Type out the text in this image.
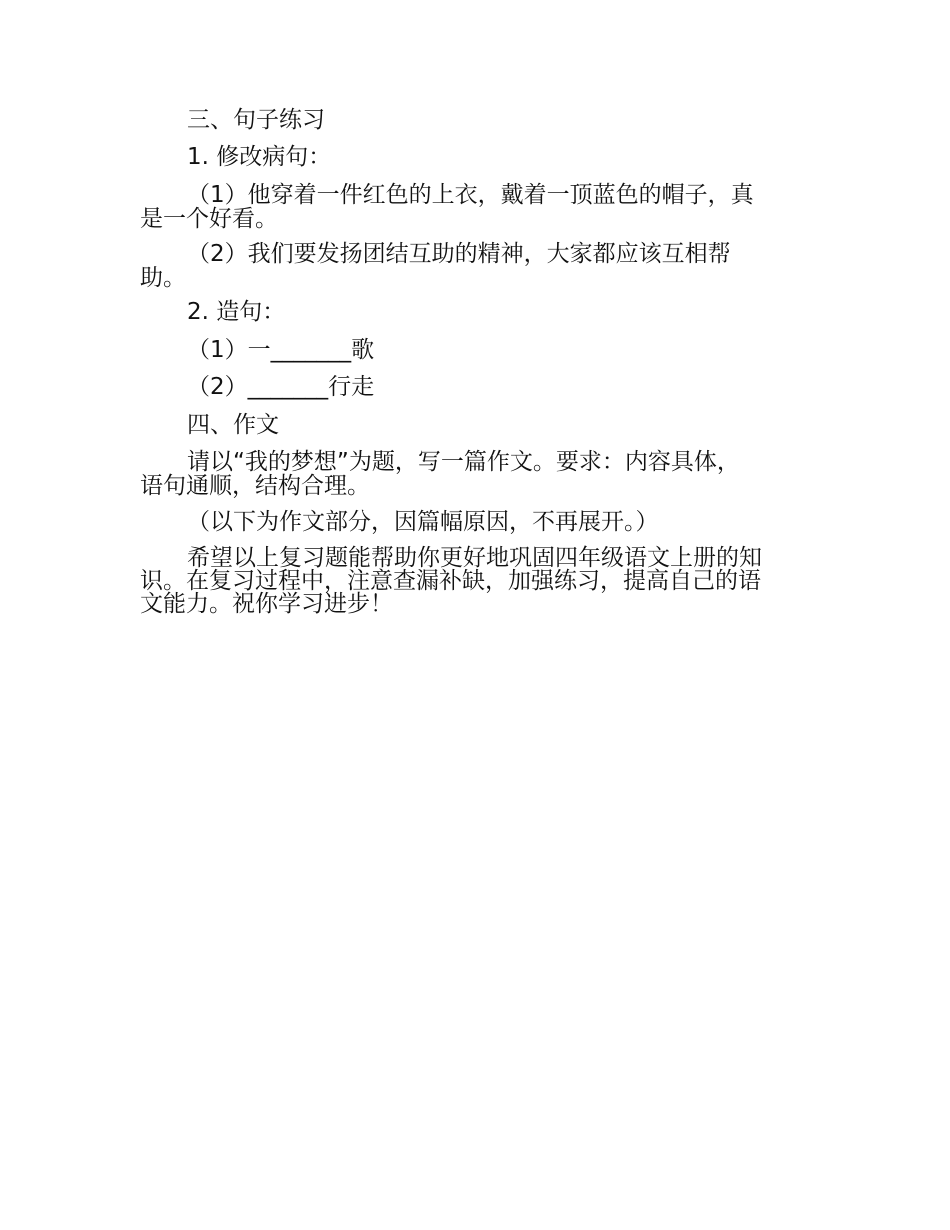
三、句子练习
1. 修改病句：
（1）他穿着一件红色的上衣，戴着一顶蓝色的帽子，真
是一个好看。
（2）我们要发扬团结互助的精神，大家都应该互相帮
助。
2. 造句：
（1）一_______歌
（2）_______行走
四、作文
请以“我的梦想”为题，写一篇作文。要求：内容具体，
语句通顺，结构合理。
（以下为作文部分，因篇幅原因，不再展开。）
希望以上复习题能帮助你更好地巩固四年级语文上册的知
识。在复习过程中，注意查漏补缺，加强练习，提高自己的语
文能力。祝你学习进步！
